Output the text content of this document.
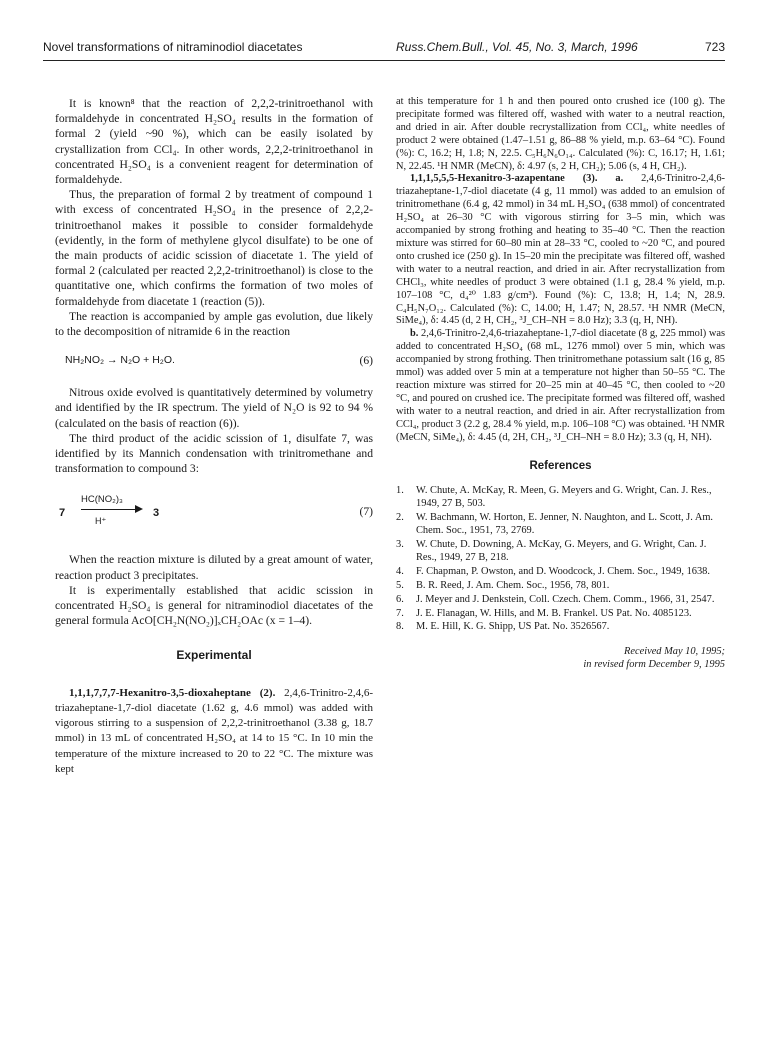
Novel transformations of nitraminodiol diacetates	Russ.Chem.Bull., Vol. 45, No. 3, March, 1996	723

It is known⁸ that the reaction of 2,2,2-trinitroethanol with formaldehyde in concentrated H₂SO₄ results in the formation of formal 2 (yield ~90 %), which can be easily isolated by crystallization from CCl₄. In other words, 2,2,2-trinitroethanol in concentrated H₂SO₄ is a convenient reagent for determination of formaldehyde.

Thus, the preparation of formal 2 by treatment of compound 1 with excess of concentrated H₂SO₄ in the presence of 2,2,2-trinitroethanol makes it possible to consider formaldehyde (evidently, in the form of methylene glycol disulfate) to be one of the main products of acidic scission of diacetate 1. The yield of formal 2 (calculated per reacted 2,2,2-trinitroethanol) is close to the quantitative one, which confirms the formation of two moles of formaldehyde from diacetate 1 (reaction (5)).

The reaction is accompanied by ample gas evolution, due likely to the decomposition of nitramide 6 in the reaction

NH₂NO₂ → N₂O + H₂O.	(6)

Nitrous oxide evolved is quantitatively determined by volumetry and identified by the IR spectrum. The yield of N₂O is 92 to 94 % (calculated on the basis of reaction (6)).

The third product of the acidic scission of 1, disulfate 7, was identified by its Mannich condensation with trinitromethane and transformation to compound 3:

7
HC(NO₂)₃
H⁺
3	(7)

When the reaction mixture is diluted by a great amount of water, reaction product 3 precipitates.

It is experimentally established that acidic scission in concentrated H₂SO₄ is general for nitraminodiol diacetates of the general formula AcO[CH₂N(NO₂)]ₓCH₂OAc (x = 1–4).

Experimental

1,1,1,7,7,7-Hexanitro-3,5-dioxaheptane (2). 2,4,6-Trinitro-2,4,6-triazaheptane-1,7-diol diacetate (1.62 g, 4.6 mmol) was added with vigorous stirring to a suspension of 2,2,2-trinitroethanol (3.38 g, 18.7 mmol) in 13 mL of concentrated H₂SO₄ at 14 to 15 °C. In 10 min the temperature of the mixture increased to 20 to 22 °C. The mixture was kept

at this temperature for 1 h and then poured onto crushed ice (100 g). The precipitate formed was filtered off, washed with water to a neutral reaction, and dried in air. After double recrystallization from CCl₄, white needles of product 2 were obtained (1.47–1.51 g, 86–88 % yield, m.p. 63–64 °C). Found (%): C, 16.2; H, 1.8; N, 22.5. C₅H₆N₆O₁₄. Calculated (%): C, 16.17; H, 1.61; N, 22.45. ¹H NMR (MeCN), δ: 4.97 (s, 2 H, CH₂); 5.06 (s, 4 H, CH₂).

1,1,1,5,5,5-Hexanitro-3-azapentane (3). a. 2,4,6-Trinitro-2,4,6-triazaheptane-1,7-diol diacetate (4 g, 11 mmol) was added to an emulsion of trinitromethane (6.4 g, 42 mmol) in 34 mL H₂SO₄ (638 mmol) of concentrated H₂SO₄ at 26–30 °C with vigorous stirring for 3–5 min, which was accompanied by strong frothing and heating to 35–40 °C. Then the reaction mixture was stirred for 60–80 min at 28–33 °C, cooled to ~20 °C, and poured onto crushed ice (250 g). In 15–20 min the precipitate was filtered off, washed with water to a neutral reaction, and dried in air. After recrystallization from CHCl₃, white needles of product 3 were obtained (1.1 g, 28.4 % yield, m.p. 107–108 °C, d₄²⁰ 1.83 g/cm³). Found (%): C, 13.8; H, 1.4; N, 28.9. C₄H₅N₇O₁₂. Calculated (%): C, 14.00; H, 1.47; N, 28.57. ¹H NMR (MeCN, SiMe₄), δ: 4.45 (d, 2 H, CH₂, ³J_CH–NH = 8.0 Hz); 3.3 (q, H, NH).

b. 2,4,6-Trinitro-2,4,6-triazaheptane-1,7-diol diacetate (8 g, 225 mmol) was added to concentrated H₂SO₄ (68 mL, 1276 mmol) over 5 min, which was accompanied by strong frothing. Then trinitromethane potassium salt (16 g, 85 mmol) was added over 5 min at a temperature not higher than 50–55 °C. The reaction mixture was stirred for 20–25 min at 40–45 °C, then cooled to ~20 °C, and poured on crushed ice. The precipitate formed was filtered off, washed with water to a neutral reaction, and dried in air. After recrystallization from CCl₄, product 3 (2.2 g, 28.4 % yield, m.p. 106–108 °C) was obtained. ¹H NMR (MeCN, SiMe₄), δ: 4.45 (d, 2H, CH₂, ³J_CH–NH = 8.0 Hz); 3.3 (q, H, NH).

References
1. W. Chute, A. McKay, R. Meen, G. Meyers and G. Wright, Can. J. Res., 1949, 27 B, 503.
2. W. Bachmann, W. Horton, E. Jenner, N. Naughton, and L. Scott, J. Am. Chem. Soc., 1951, 73, 2769.
3. W. Chute, D. Downing, A. McKay, G. Meyers, and G. Wright, Can. J. Res., 1949, 27 B, 218.
4. F. Chapman, P. Owston, and D. Woodcock, J. Chem. Soc., 1949, 1638.
5. B. R. Reed, J. Am. Chem. Soc., 1956, 78, 801.
6. J. Meyer and J. Denkstein, Coll. Czech. Chem. Comm., 1966, 31, 2547.
7. J. E. Flanagan, W. Hills, and M. B. Frankel. US Pat. No. 4085123.
8. M. E. Hill, K. G. Shipp, US Pat. No. 3526567.
Received May 10, 1995;
in revised form December 9, 1995
